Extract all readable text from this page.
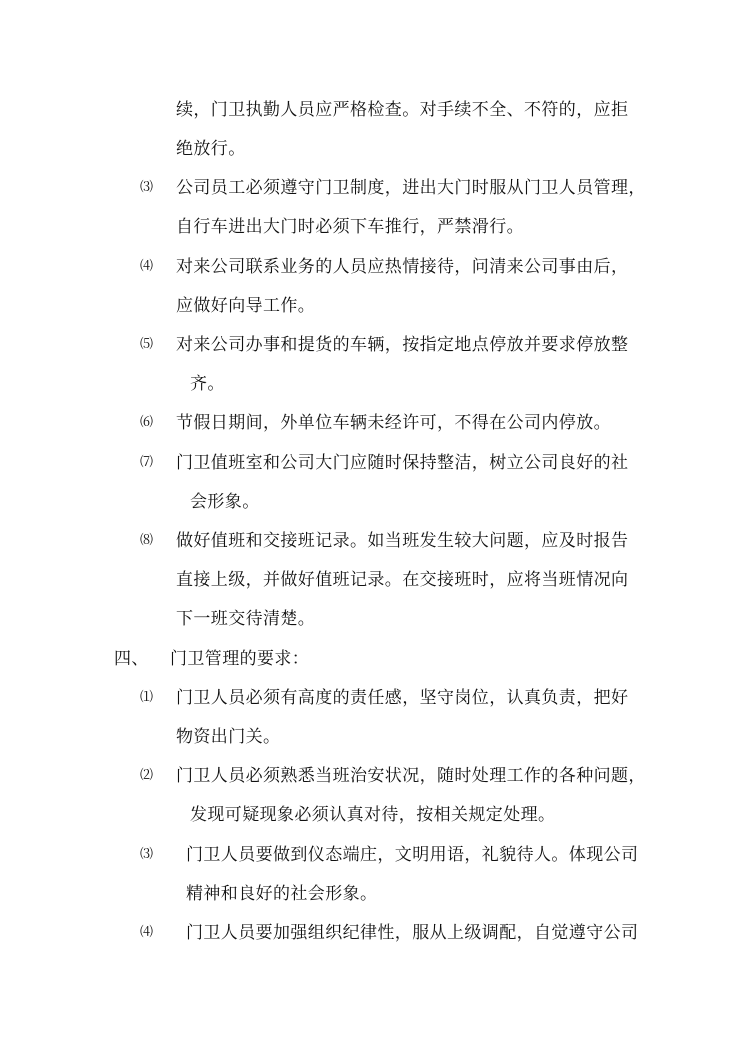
续，门卫执勤人员应严格检查。对手续不全、不符的，应拒
绝放行。
⑶ 公司员工必须遵守门卫制度，进出大门时服从门卫人员管理，
自行车进出大门时必须下车推行，严禁滑行。
⑷ 对来公司联系业务的人员应热情接待，问清来公司事由后，
应做好向导工作。
⑸ 对来公司办事和提货的车辆，按指定地点停放并要求停放整
齐。
⑹ 节假日期间，外单位车辆未经许可，不得在公司内停放。
⑺ 门卫值班室和公司大门应随时保持整洁，树立公司良好的社
会形象。
⑻ 做好值班和交接班记录。如当班发生较大问题，应及时报告
直接上级，并做好值班记录。在交接班时，应将当班情况向
下一班交待清楚。
四、 门卫管理的要求：
⑴ 门卫人员必须有高度的责任感，坚守岗位，认真负责，把好
物资出门关。
⑵ 门卫人员必须熟悉当班治安状况，随时处理工作的各种问题，
发现可疑现象必须认真对待，按相关规定处理。
⑶ 门卫人员要做到仪态端庄，文明用语，礼貌待人。体现公司
精神和良好的社会形象。
⑷ 门卫人员要加强组织纪律性，服从上级调配，自觉遵守公司
